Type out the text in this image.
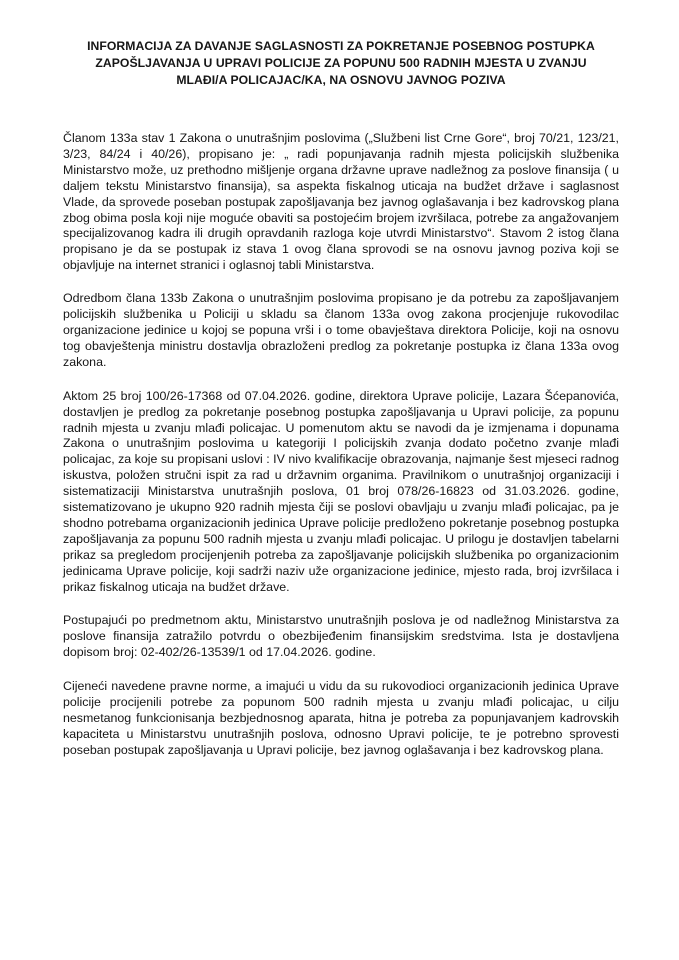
INFORMACIJA ZA DAVANJE SAGLASNOSTI ZA POKRETANJE POSEBNOG POSTUPKA ZAPOŠLJAVANJA U UPRAVI POLICIJE ZA POPUNU 500 RADNIH MJESTA U ZVANJU MLAĐI/A POLICAJAC/KA, NA OSNOVU JAVNOG POZIVA

Članom 133a stav 1 Zakona o unutrašnjim poslovima („Službeni list Crne Gore“, broj 70/21, 123/21, 3/23, 84/24 i 40/26), propisano je: „ radi popunjavanja radnih mjesta policijskih službenika Ministarstvo može, uz prethodno mišljenje organa državne uprave nadležnog za poslove finansija ( u daljem tekstu Ministarstvo finansija), sa aspekta fiskalnog uticaja na budžet države i saglasnost Vlade, da sprovede poseban postupak zapošljavanja bez javnog oglašavanja i bez kadrovskog plana zbog obima posla koji nije moguće obaviti sa postojećim brojem izvršilaca, potrebe za angažovanjem specijalizovanog kadra ili drugih opravdanih razloga koje utvrdi Ministarstvo“. Stavom 2 istog člana propisano je da se postupak iz stava 1 ovog člana sprovodi se na osnovu javnog poziva koji se objavljuje na internet stranici i oglasnoj tabli Ministarstva.

Odredbom člana 133b Zakona o unutrašnjim poslovima propisano je da potrebu za zapošljavanjem policijskih službenika u Policiji u skladu sa članom 133a ovog zakona procjenjuje rukovodilac organizacione jedinice u kojoj se popuna vrši i o tome obavještava direktora Policije, koji na osnovu tog obavještenja ministru dostavlja obrazloženi predlog za pokretanje postupka iz člana 133a ovog zakona.

Aktom 25 broj 100/26-17368 od 07.04.2026. godine, direktora Uprave policije, Lazara Šćepanovića, dostavljen je predlog za pokretanje posebnog postupka zapošljavanja u Upravi policije, za popunu radnih mjesta u zvanju mlađi policajac. U pomenutom aktu se navodi da je izmjenama i dopunama Zakona o unutrašnjim poslovima u kategoriji I policijskih zvanja dodato početno zvanje mlađi policajac, za koje su propisani uslovi : IV nivo kvalifikacije obrazovanja, najmanje šest mjeseci radnog iskustva, položen stručni ispit za rad u državnim organima. Pravilnikom o unutrašnjoj organizaciji i sistematizaciji Ministarstva unutrašnjih poslova, 01 broj 078/26-16823 od 31.03.2026. godine, sistematizovano je ukupno 920 radnih mjesta čiji se poslovi obavljaju u zvanju mlađi policajac, pa je shodno potrebama organizacionih jedinica Uprave policije predloženo pokretanje posebnog postupka zapošljavanja za popunu 500 radnih mjesta u zvanju mlađi policajac. U prilogu je dostavljen tabelarni prikaz sa pregledom procijenjenih potreba za zapošljavanje policijskih službenika po organizacionim jedinicama Uprave policije, koji sadrži naziv uže organizacione jedinice, mjesto rada, broj izvršilaca i prikaz fiskalnog uticaja na budžet države.

Postupajući po predmetnom aktu, Ministarstvo unutrašnjih poslova je od nadležnog Ministarstva za poslove finansija zatražilo potvrdu o obezbijeđenim finansijskim sredstvima. Ista je dostavljena dopisom broj: 02-402/26-13539/1 od 17.04.2026. godine.

Cijeneći navedene pravne norme, a imajući u vidu da su rukovodioci organizacionih jedinica Uprave policije procijenili potrebe za popunom 500 radnih mjesta u zvanju mlađi policajac, u cilju nesmetanog funkcionisanja bezbjednosnog aparata, hitna je potreba za popunjavanjem kadrovskih kapaciteta u Ministarstvu unutrašnjih poslova, odnosno Upravi policije, te je potrebno sprovesti poseban postupak zapošljavanja u Upravi policije, bez javnog oglašavanja i bez kadrovskog plana.
